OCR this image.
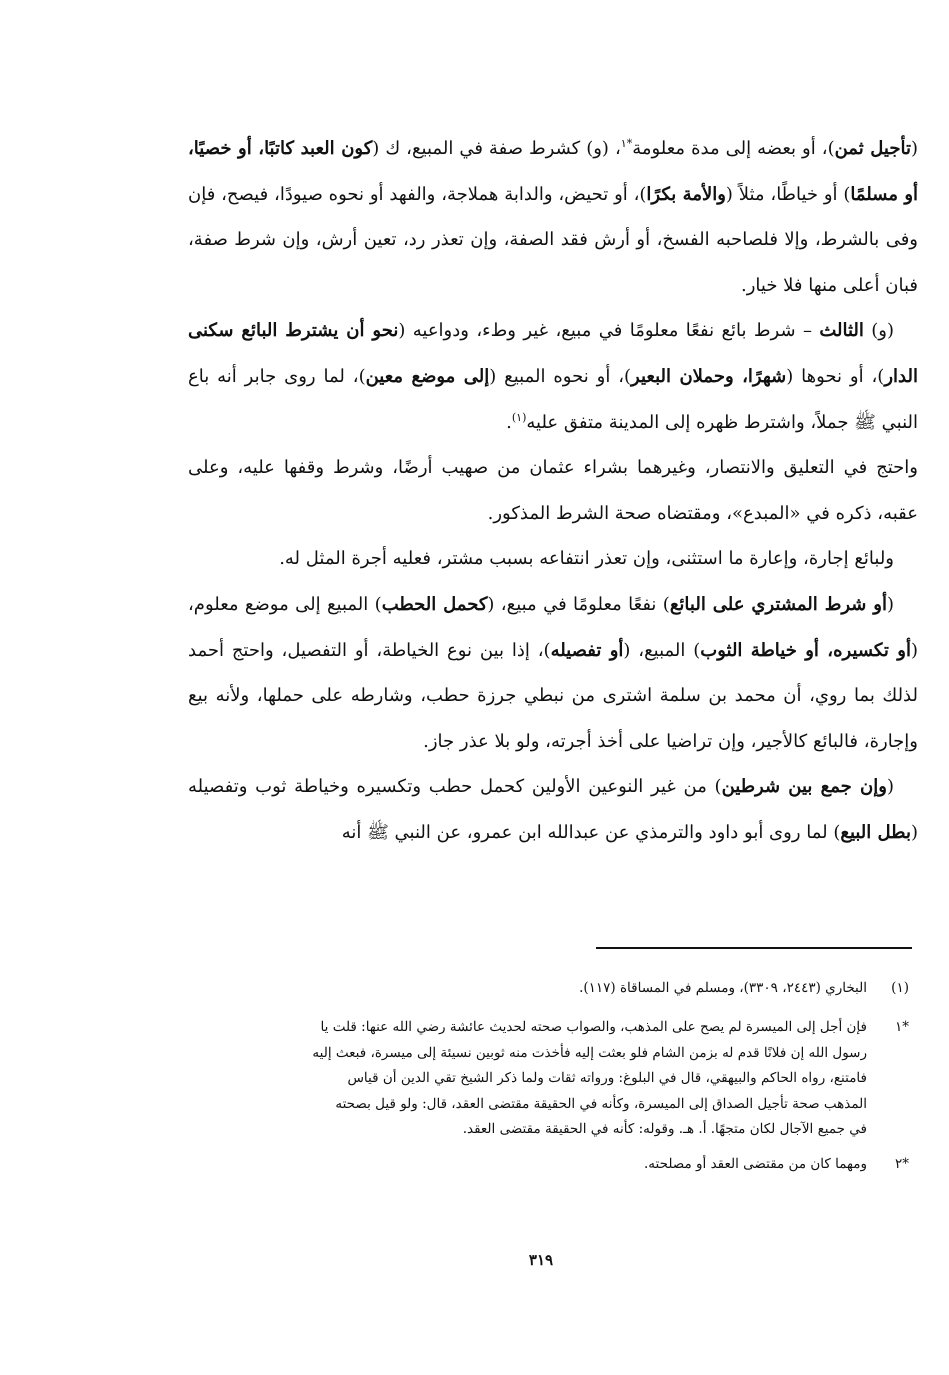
(تأجيل ثمن)، أو بعضه إلى مدة معلومة$^{*١}$، (و) كشرط صفة في المبيع، ك (كون العبد كاتبًا، أو خصيًا، أو مسلمًا) أو خياطًا، مثلاً (والأمة بكرًا)، أو تحيض، والدابة هملاجة، والفهد أو نحوه صيودًا، فيصح، فإن وفى بالشرط، وإلا فلصاحبه الفسخ، أو أرش فقد الصفة، وإن تعذر رد، تعين أرش، وإن شرط صفة، فبان أعلى منها فلا خيار.

(و) الثالث – شرط بائع نفعًا معلومًا في مبيع، غير وطء، ودواعيه (نحو أن يشترط البائع سكنى الدار)، أو نحوها (شهرًا، وحملان البعير)، أو نحوه المبيع (إلى موضع معين)، لما روى جابر أنه باع النبي ﷺ جملاً، واشترط ظهره إلى المدينة متفق عليه$^{(١)}$.

واحتج في التعليق والانتصار، وغيرهما بشراء عثمان من صهيب أرضًا، وشرط وقفها عليه، وعلى عقبه، ذكره في «المبدع»، ومقتضاه صحة الشرط المذكور.

ولبائع إجارة، وإعارة ما استثنى، وإن تعذر انتفاعه بسبب مشتر، فعليه أجرة المثل له.

(أو شرط المشتري على البائع) نفعًا معلومًا في مبيع، (كحمل الحطب) المبيع إلى موضع معلوم، (أو تكسيره، أو خياطة الثوب) المبيع، (أو تفصيله)، إذا بين نوع الخياطة، أو التفصيل، واحتج أحمد لذلك بما روي، أن محمد بن سلمة اشترى من نبطي جرزة حطب، وشارطه على حملها، ولأنه بيع وإجارة، فالبائع كالأجير، وإن تراضيا على أخذ أجرته، ولو بلا عذر جاز.

(وإن جمع بين شرطين) من غير النوعين الأولين كحمل حطب وتكسيره وخياطة ثوب وتفصيله (بطل البيع) لما روى أبو داود والترمذي عن عبدالله ابن عمرو، عن النبي ﷺ أنه

(١)

البخاري (٢٤٤٣، ٣٣٠٩)، ومسلم في المساقاة (١١٧).

*١

فإن أجل إلى الميسرة لم يصح على المذهب، والصواب صحته لحديث عائشة رضي الله عنها: قلت يا

رسول الله إن فلانًا قدم له بزمن الشام فلو بعثت إليه فأخذت منه ثوبين نسيئة إلى ميسرة، فبعث إليه

فامتنع، رواه الحاكم والبيهقي، قال في البلوغ: ورواته ثقات ولما ذكر الشيخ تقي الدين أن قياس

المذهب صحة تأجيل الصداق إلى الميسرة، وكأنه في الحقيقة مقتضى العقد، قال: ولو قيل بصحته

في جميع الآجال لكان متجهًا. أ. هـ. وقوله: كأنه في الحقيقة مقتضى العقد.

*٢

ومهما كان من مقتضى العقد أو مصلحته.

٣١٩
